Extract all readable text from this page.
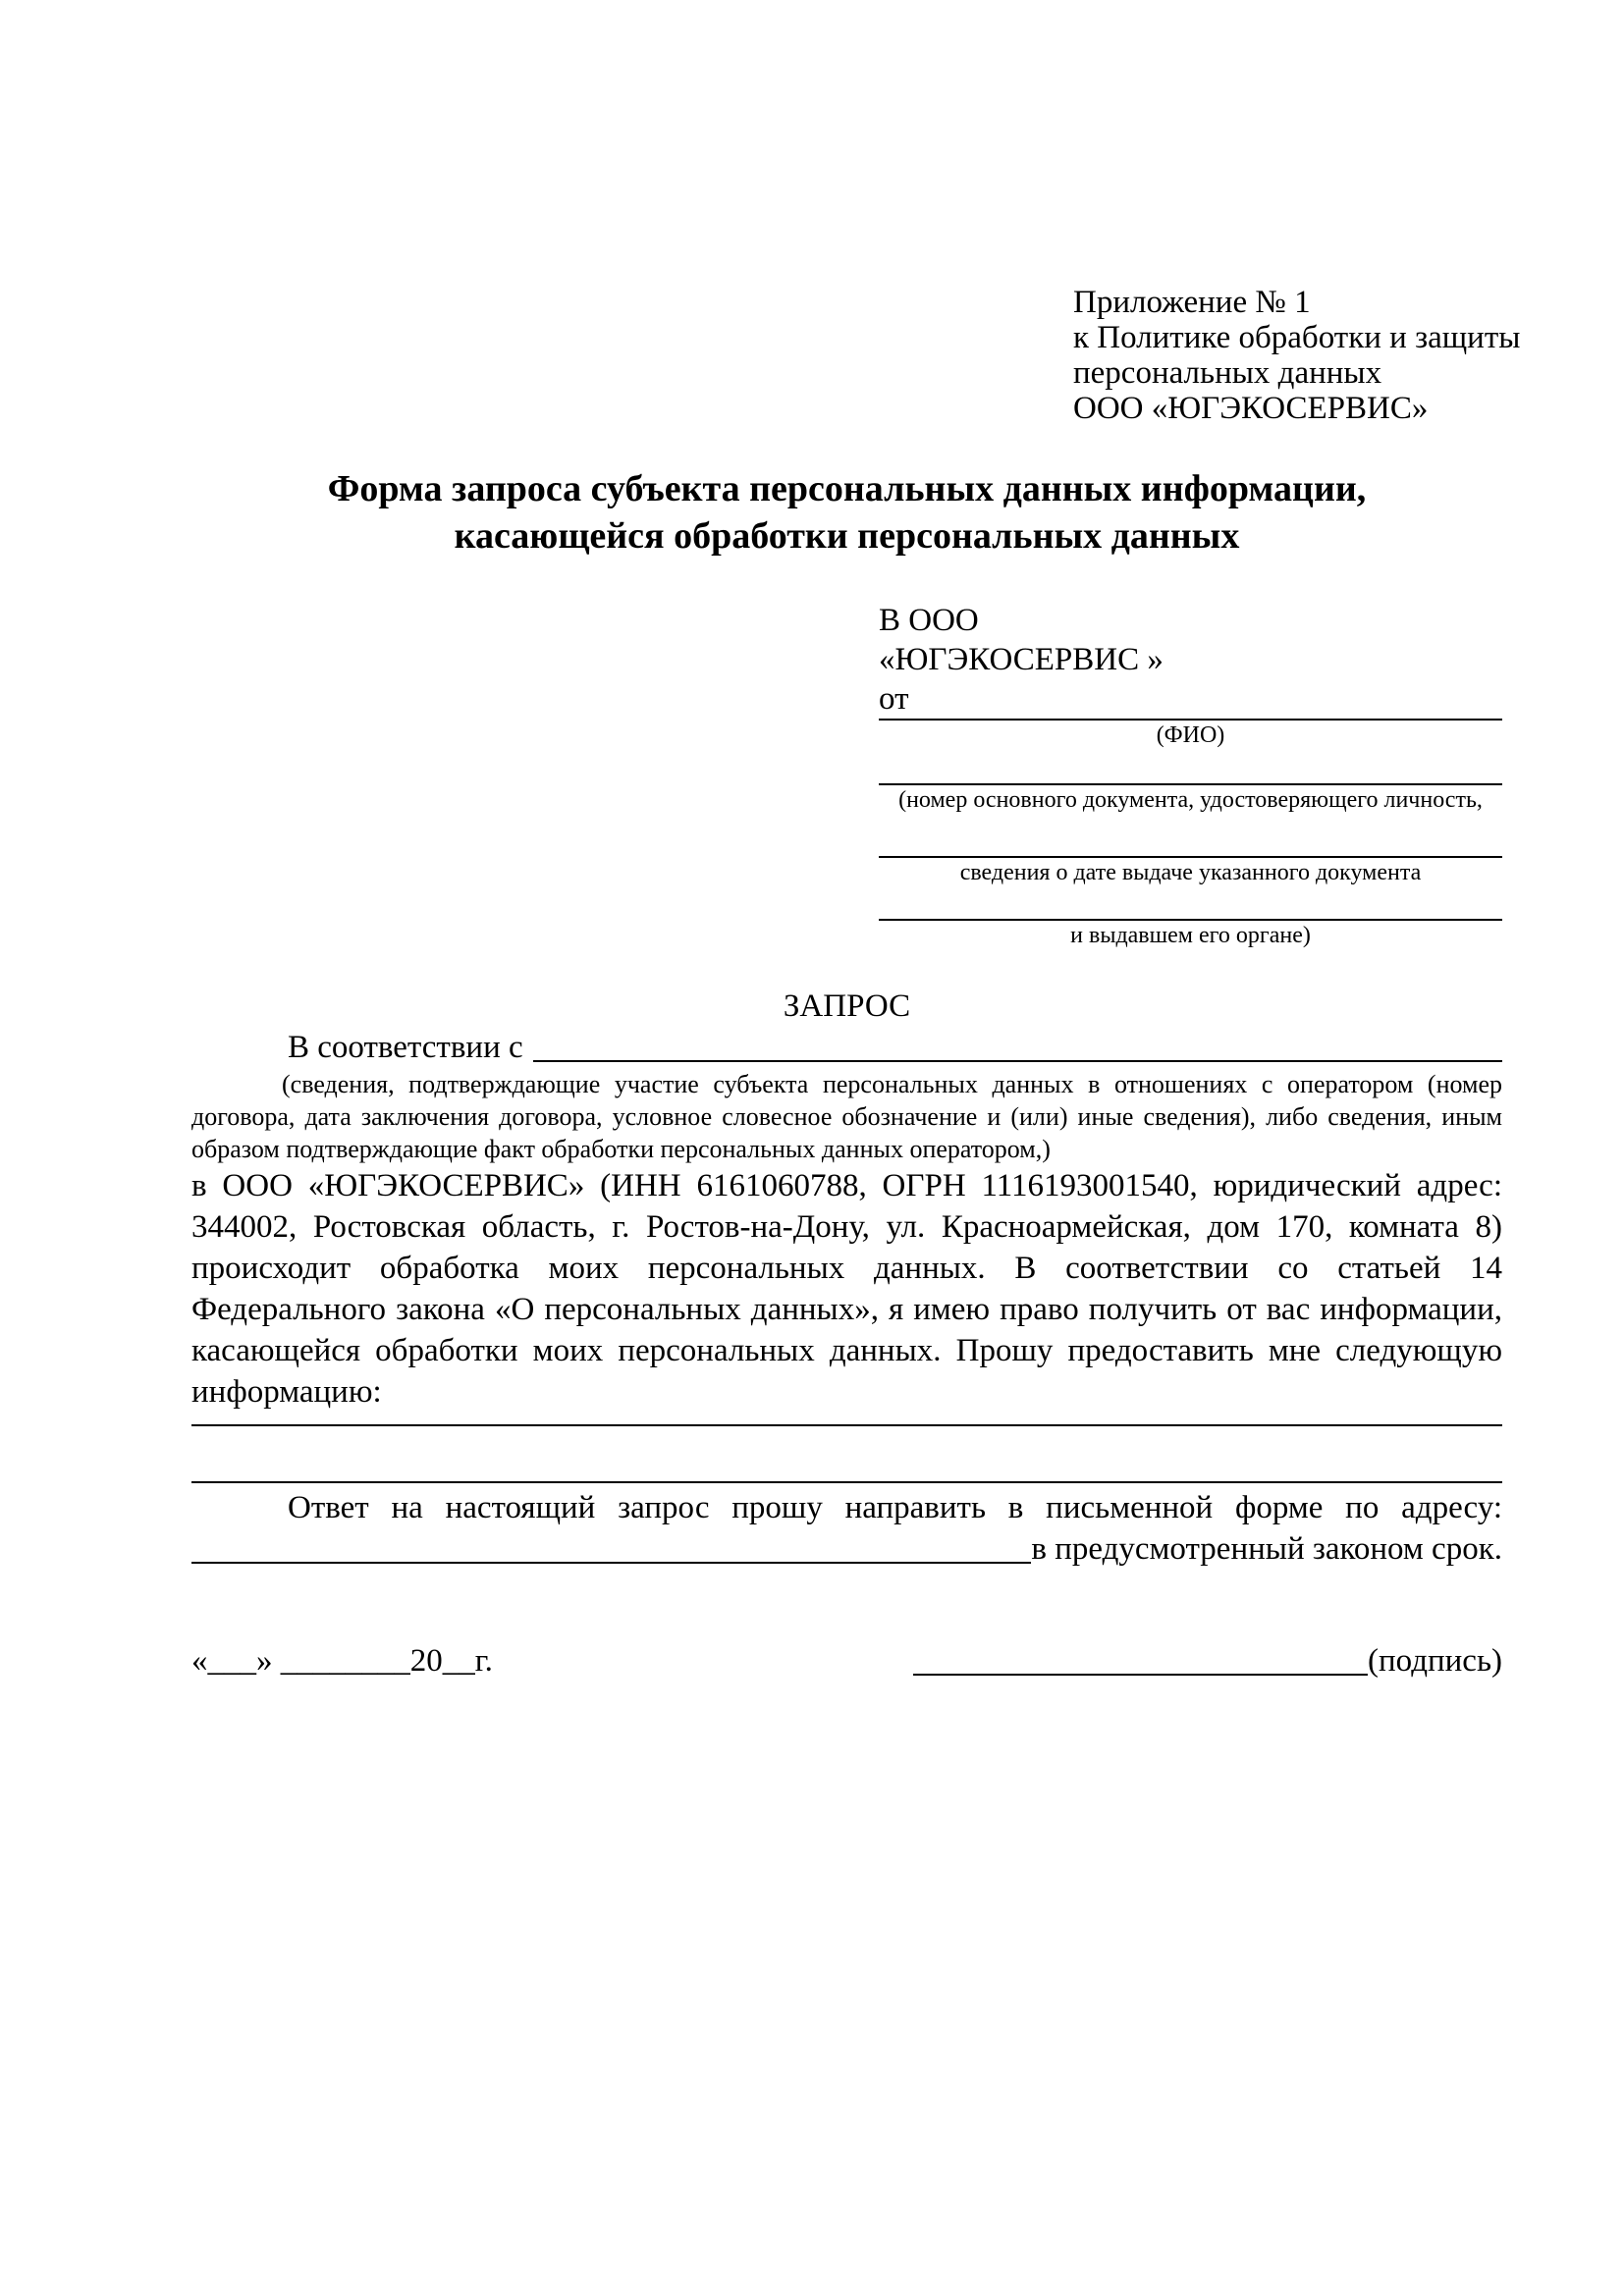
Приложение № 1
к Политике обработки и защиты
персональных данных
ООО «ЮГЭКОСЕРВИС»
Форма запроса субъекта персональных данных информации,
касающейся обработки персональных данных
В ООО
«ЮГЭКОСЕРВИС »
от
(ФИО)
(номер основного документа, удостоверяющего личность,
сведения о дате выдаче указанного документа
и выдавшем его органе)
ЗАПРОС
В соответствии с
(сведения, подтверждающие участие субъекта персональных данных в отношениях с оператором (номер договора, дата заключения договора, условное словесное обозначение и (или) иные сведения), либо сведения, иным образом подтверждающие факт обработки персональных данных оператором,)
в ООО «ЮГЭКОСЕРВИС» (ИНН 6161060788, ОГРН 1116193001540, юридический адрес: 344002, Ростовская область, г. Ростов-на-Дону, ул. Красноармейская, дом 170, комната 8) происходит обработка моих персональных данных. В соответствии со статьей 14 Федерального закона «О персональных данных», я имею право получить от вас информации, касающейся обработки моих персональных данных. Прошу предоставить мне следующую информацию:
Ответ на настоящий запрос прошу направить в письменной форме по адресу:
в предусмотренный законом срок.
«___» ________20__г.	(подпись)
